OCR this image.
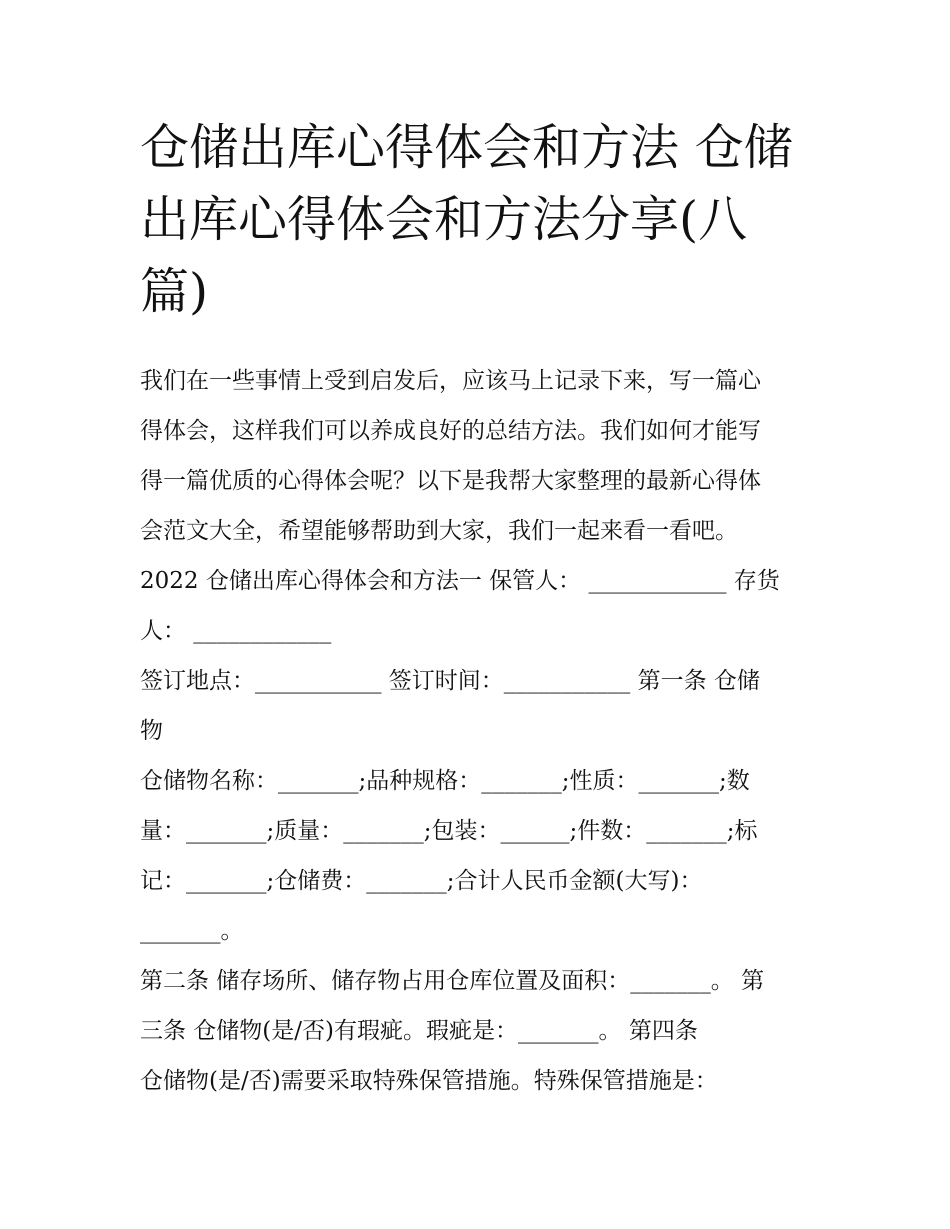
仓储出库心得体会和方法 仓储
出库心得体会和方法分享(八
篇)
我们在一些事情上受到启发后，应该马上记录下来，写一篇心
得体会，这样我们可以养成良好的总结方法。我们如何才能写
得一篇优质的心得体会呢？以下是我帮大家整理的最新心得体
会范文大全，希望能够帮助到大家，我们一起来看一看吧。
2022 仓储出库心得体会和方法一 保管人： ____________ 存货
人： ____________
签订地点：___________ 签订时间：___________ 第一条 仓储
物
仓储物名称：_______;品种规格：_______;性质：_______;数
量：_______;质量：_______;包装：______;件数：_______;标
记：_______;仓储费：_______;合计人民币金额(大写)：
_______。
第二条 储存场所、储存物占用仓库位置及面积：_______。 第
三条 仓储物(是/否)有瑕疵。瑕疵是：_______。 第四条
仓储物(是/否)需要采取特殊保管措施。特殊保管措施是：
